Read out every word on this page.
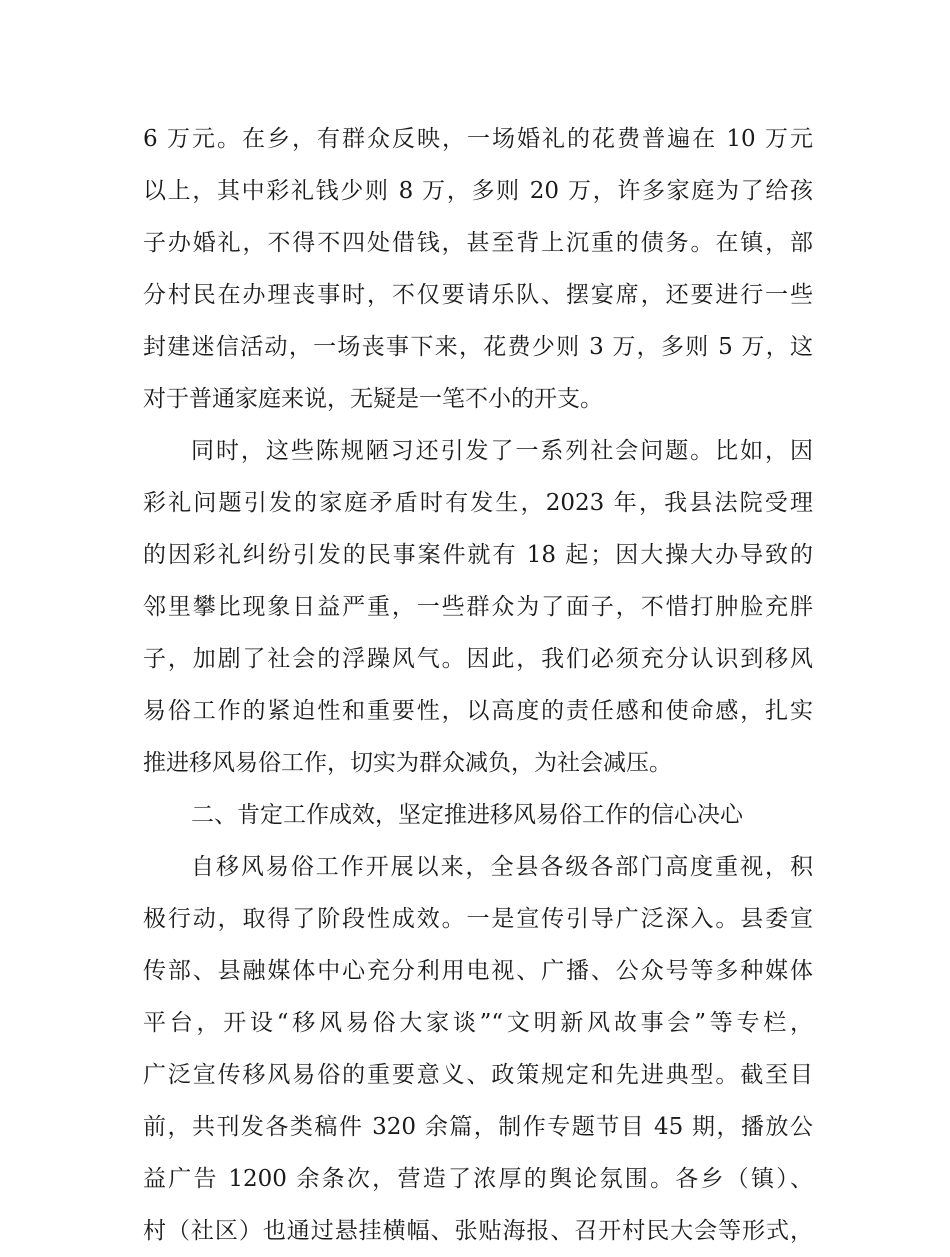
6 万元。在乡，有群众反映，一场婚礼的花费普遍在 10 万元
以上，其中彩礼钱少则 8 万，多则 20 万，许多家庭为了给孩
子办婚礼，不得不四处借钱，甚至背上沉重的债务。在镇，部
分村民在办理丧事时，不仅要请乐队、摆宴席，还要进行一些
封建迷信活动，一场丧事下来，花费少则 3 万，多则 5 万，这
对于普通家庭来说，无疑是一笔不小的开支。
同时，这些陈规陋习还引发了一系列社会问题。比如，因
彩礼问题引发的家庭矛盾时有发生，2023 年，我县法院受理
的因彩礼纠纷引发的民事案件就有 18 起；因大操大办导致的
邻里攀比现象日益严重，一些群众为了面子，不惜打肿脸充胖
子，加剧了社会的浮躁风气。因此，我们必须充分认识到移风
易俗工作的紧迫性和重要性，以高度的责任感和使命感，扎实
推进移风易俗工作，切实为群众减负，为社会减压。
二、肯定工作成效，坚定推进移风易俗工作的信心决心
自移风易俗工作开展以来，全县各级各部门高度重视，积
极行动，取得了阶段性成效。一是宣传引导广泛深入。县委宣
传部、县融媒体中心充分利用电视、广播、公众号等多种媒体
平台，开设“移风易俗大家谈”“文明新风故事会”等专栏，
广泛宣传移风易俗的重要意义、政策规定和先进典型。截至目
前，共刊发各类稿件 320 余篇，制作专题节目 45 期，播放公
益广告 1200 余条次，营造了浓厚的舆论氛围。各乡（镇）、
村（社区）也通过悬挂横幅、张贴海报、召开村民大会等形式，
